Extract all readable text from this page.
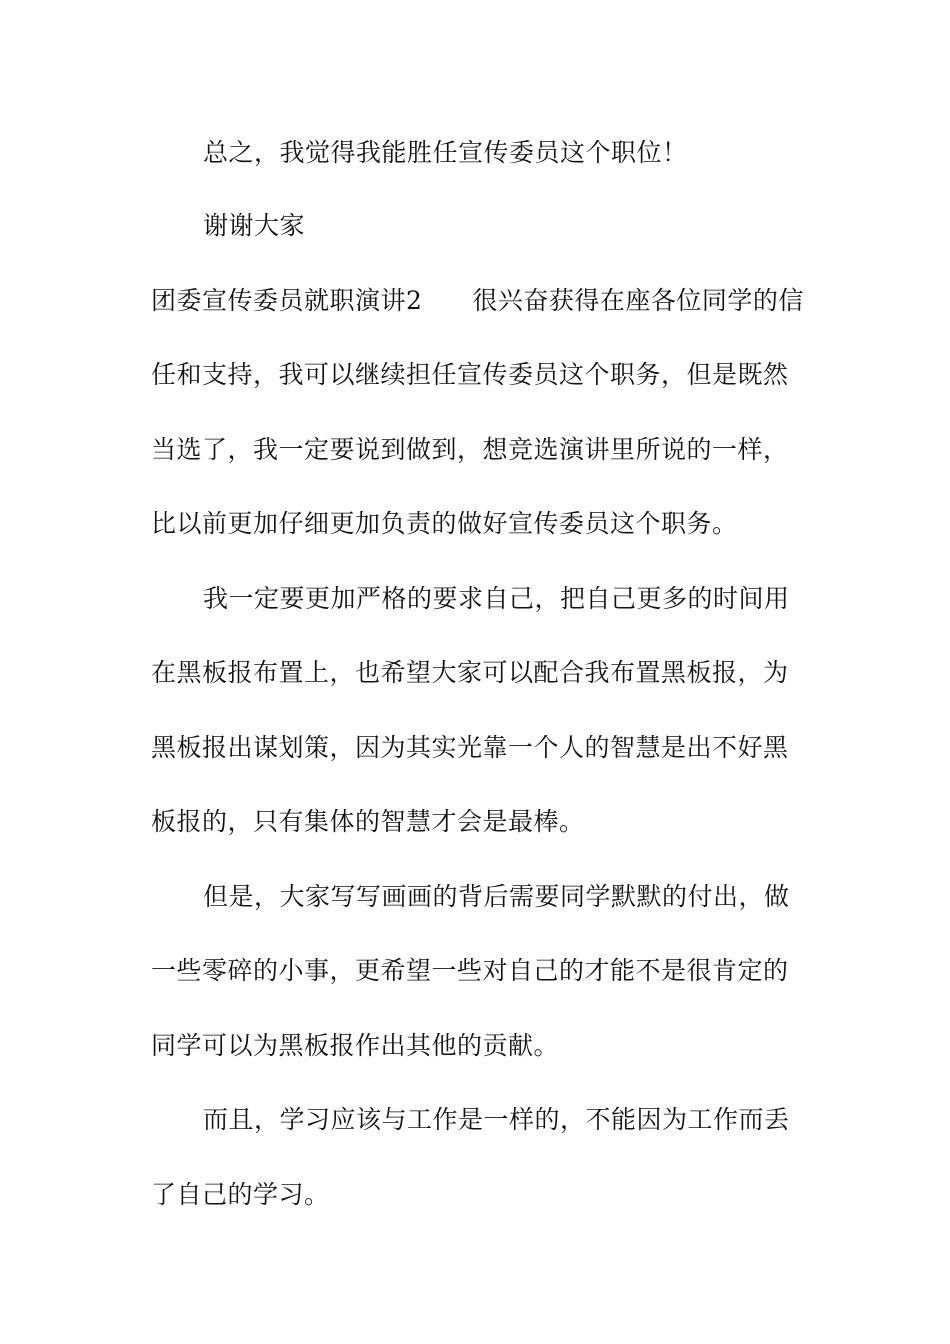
总之，我觉得我能胜任宣传委员这个职位！
谢谢大家
团委宣传委员就职演讲2 很兴奋获得在座各位同学的信
任和支持，我可以继续担任宣传委员这个职务，但是既然
当选了，我一定要说到做到，想竞选演讲里所说的一样，
比以前更加仔细更加负责的做好宣传委员这个职务。
我一定要更加严格的要求自己，把自己更多的时间用
在黑板报布置上，也希望大家可以配合我布置黑板报，为
黑板报出谋划策，因为其实光靠一个人的智慧是出不好黑
板报的，只有集体的智慧才会是最棒。
但是，大家写写画画的背后需要同学默默的付出，做
一些零碎的小事，更希望一些对自己的才能不是很肯定的
同学可以为黑板报作出其他的贡献。
而且，学习应该与工作是一样的，不能因为工作而丢
了自己的学习。
